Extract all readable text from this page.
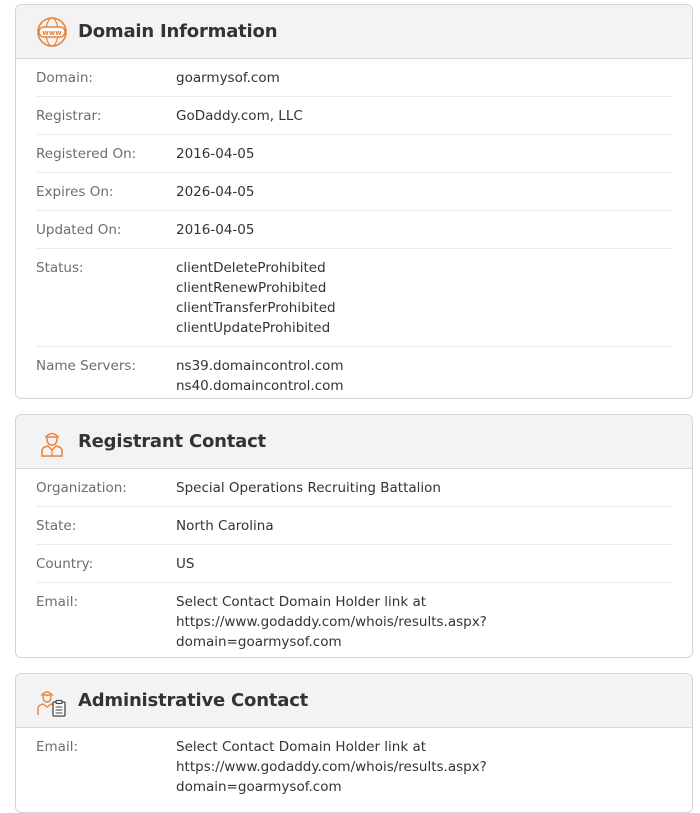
www Domain Information
Domain:	goarmysof.com
Registrar:	GoDaddy.com, LLC
Registered On:	2016-04-05
Expires On:	2026-04-05
Updated On:	2016-04-05
Status:	clientDeleteProhibited
clientRenewProhibited
clientTransferProhibited
clientUpdateProhibited
Name Servers:	ns39.domaincontrol.com
ns40.domaincontrol.com
Registrant Contact
Organization:	Special Operations Recruiting Battalion
State:	North Carolina
Country:	US
Email:	Select Contact Domain Holder link at
https://www.godaddy.com/whois/results.aspx?
domain=goarmysof.com
Administrative Contact
Email:	Select Contact Domain Holder link at
https://www.godaddy.com/whois/results.aspx?
domain=goarmysof.com
